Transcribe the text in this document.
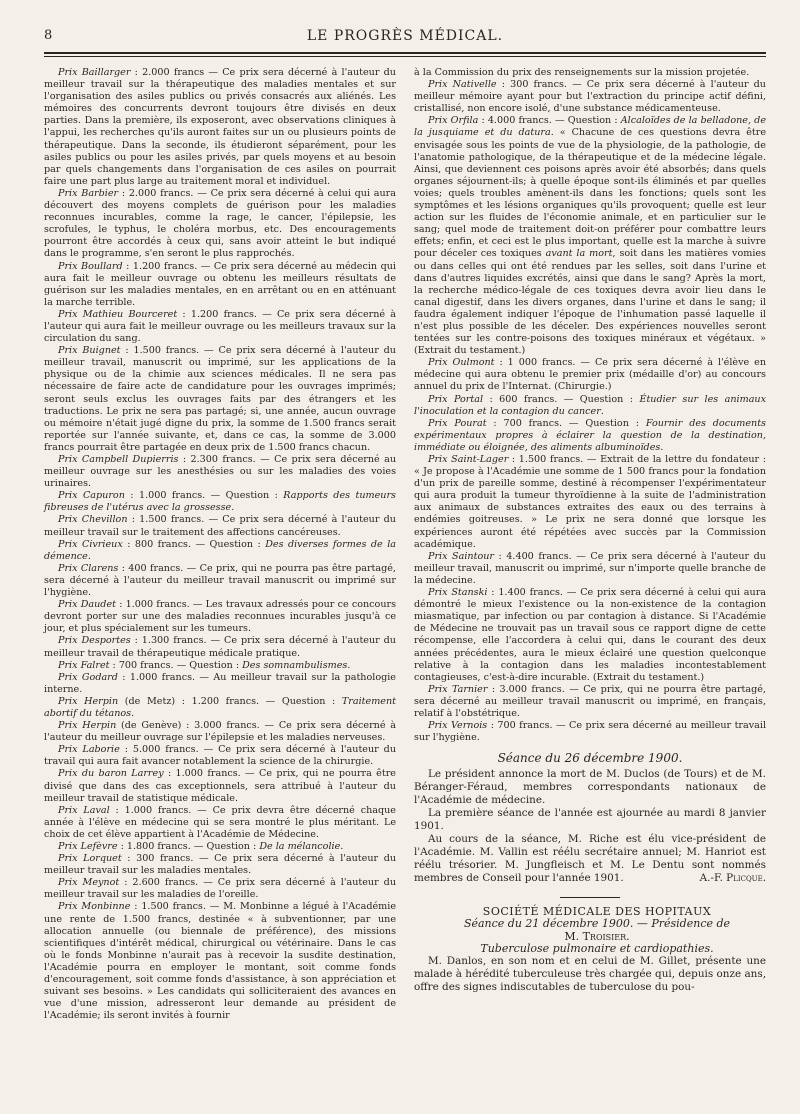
8	LE PROGRÈS MÉDICAL.

Prix Baillarger : 2.000 francs — Ce prix sera décerné à l'auteur du meilleur travail sur la thérapeutique des maladies mentales et sur l'organisation des asiles publics ou privés consacrés aux aliénés. Les mémoires des concurrents devront toujours être divisés en deux parties. Dans la première, ils exposeront, avec observations cliniques à l'appui, les recherches qu'ils auront faites sur un ou plusieurs points de thérapeutique. Dans la seconde, ils étudieront séparément, pour les asiles publics ou pour les asiles privés, par quels moyens et au besoin par quels changements dans l'organisation de ces asiles on pourrait faire une part plus large au traitement moral et individuel.

Prix Barbier : 2.000 francs. — Ce prix sera décerné à celui qui aura découvert des moyens complets de guérison pour les maladies reconnues incurables, comme la rage, le cancer, l'épilepsie, les scrofules, le typhus, le choléra morbus, etc. Des encouragements pourront être accordés à ceux qui, sans avoir atteint le but indiqué dans le programme, s'en seront le plus rapprochés.

Prix Boullard : 1.200 francs. — Ce prix sera décerné au médecin qui aura fait le meilleur ouvrage ou obtenu les meilleurs résultats de guérison sur les maladies mentales, en en arrêtant ou en en atténuant la marche terrible.

Prix Mathieu Bourceret : 1.200 francs. — Ce prix sera décerné à l'auteur qui aura fait le meilleur ouvrage ou les meilleurs travaux sur la circulation du sang.

Prix Buignet : 1.500 francs. — Ce prix sera décerné à l'auteur du meilleur travail, manuscrit ou imprimé, sur les applications de la physique ou de la chimie aux sciences médicales. Il ne sera pas nécessaire de faire acte de candidature pour les ouvrages imprimés; seront seuls exclus les ouvrages faits par des étrangers et les traductions. Le prix ne sera pas partagé; si, une année, aucun ouvrage ou mémoire n'était jugé digne du prix, la somme de 1.500 francs serait reportée sur l'année suivante, et, dans ce cas, la somme de 3.000 francs pourrait être partagée en deux prix de 1.500 francs chacun.

Prix Campbell Dupierris : 2.300 francs. — Ce prix sera décerné au meilleur ouvrage sur les anesthésies ou sur les maladies des voies urinaires.

Prix Capuron : 1.000 francs. — Question : Rapports des tumeurs fibreuses de l'utérus avec la grossesse.

Prix Chevillon : 1.500 francs. — Ce prix sera décerné à l'auteur du meilleur travail sur le traitement des affections cancéreuses.

Prix Civrieux : 800 francs. — Question : Des diverses formes de la démence.

Prix Clarens : 400 francs. — Ce prix, qui ne pourra pas être partagé, sera décerné à l'auteur du meilleur travail manuscrit ou imprimé sur l'hygiène.

Prix Daudet : 1.000 francs. — Les travaux adressés pour ce concours devront porter sur une des maladies reconnues incurables jusqu'à ce jour, et plus spécialement sur les tumeurs.

Prix Desportes : 1.300 francs. — Ce prix sera décerné à l'auteur du meilleur travail de thérapeutique médicale pratique.

Prix Falret : 700 francs. — Question : Des somnambulismes.

Prix Godard : 1.000 francs. — Au meilleur travail sur la pathologie interne.

Prix Herpin (de Metz) : 1.200 francs. — Question : Traitement abortif du tétanos.

Prix Herpin (de Genève) : 3.000 francs. — Ce prix sera décerné à l'auteur du meilleur ouvrage sur l'épilepsie et les maladies nerveuses.

Prix Laborie : 5.000 francs. — Ce prix sera décerné à l'auteur du travail qui aura fait avancer notablement la science de la chirurgie.

Prix du baron Larrey : 1.000 francs. — Ce prix, qui ne pourra être divisé que dans des cas exceptionnels, sera attribué à l'auteur du meilleur travail de statistique médicale.

Prix Laval : 1.000 francs. — Ce prix devra être décerné chaque année à l'élève en médecine qui se sera montré le plus méritant. Le choix de cet élève appartient à l'Académie de Médecine.

Prix Lefèvre : 1.800 francs. — Question : De la mélancolie.

Prix Lorquet : 300 francs. — Ce prix sera décerné à l'auteur du meilleur travail sur les maladies mentales.

Prix Meynot : 2.600 francs. — Ce prix sera décerné à l'auteur du meilleur travail sur les maladies de l'oreille.

Prix Monbinne : 1.500 francs. — M. Monbinne a légué à l'Académie une rente de 1.500 francs, destinée « à subventionner, par une allocation annuelle (ou biennale de préférence), des missions scientifiques d'intérêt médical, chirurgical ou vétérinaire. Dans le cas où le fonds Monbinne n'aurait pas à recevoir la susdite destination, l'Académie pourra en employer le montant, soit comme fonds d'encouragement, soit comme fonds d'assistance, à son appréciation et suivant ses besoins. » Les candidats qui solliciteraient des avances en vue d'une mission, adresseront leur demande au président de l'Académie; ils seront invités à fournir

à la Commission du prix des renseignements sur la mission projetée.

Prix Nativelle : 300 francs. — Ce prix sera décerné à l'auteur du meilleur mémoire ayant pour but l'extraction du principe actif défini, cristallisé, non encore isolé, d'une substance médicamenteuse.

Prix Orfila : 4.000 francs. — Question : Alcaloïdes de la belladone, de la jusquiame et du datura. « Chacune de ces questions devra être envisagée sous les points de vue de la physiologie, de la pathologie, de l'anatomie pathologique, de la thérapeutique et de la médecine légale. Ainsi, que deviennent ces poisons après avoir été absorbés; dans quels organes séjournent-ils; à quelle époque sont-ils éliminés et par quelles voies; quels troubles amènent-ils dans les fonctions; quels sont les symptômes et les lésions organiques qu'ils provoquent; quelle est leur action sur les fluides de l'économie animale, et en particulier sur le sang; quel mode de traitement doit-on préférer pour combattre leurs effets; enfin, et ceci est le plus important, quelle est la marche à suivre pour déceler ces toxiques avant la mort, soit dans les matières vomies ou dans celles qui ont été rendues par les selles, soit dans l'urine et dans d'autres liquides excrétés, ainsi que dans le sang? Après la mort, la recherche médico-légale de ces toxiques devra avoir lieu dans le canal digestif, dans les divers organes, dans l'urine et dans le sang; il faudra également indiquer l'époque de l'inhumation passé laquelle il n'est plus possible de les déceler. Des expériences nouvelles seront tentées sur les contre-poisons des toxiques minéraux et végétaux. » (Extrait du testament.)

Prix Oulmont : 1 000 francs. — Ce prix sera décerné à l'élève en médecine qui aura obtenu le premier prix (médaille d'or) au concours annuel du prix de l'Internat. (Chirurgie.)

Prix Portal : 600 francs. — Question : Étudier sur les animaux l'inoculation et la contagion du cancer.

Prix Pourat : 700 francs. — Question : Fournir des documents expérimentaux propres à éclairer la question de la destination, immédiate ou éloignée, des aliments albuminoïdes.

Prix Saint-Lager : 1.500 francs. — Extrait de la lettre du fondateur : « Je propose à l'Académie une somme de 1 500 francs pour la fondation d'un prix de pareille somme, destiné à récompenser l'expérimentateur qui aura produit la tumeur thyroïdienne à la suite de l'administration aux animaux de substances extraites des eaux ou des terrains à endémies goitreuses. » Le prix ne sera donné que lorsque les expériences auront été répétées avec succès par la Commission académique.

Prix Saintour : 4.400 francs. — Ce prix sera décerné à l'auteur du meilleur travail, manuscrit ou imprimé, sur n'importe quelle branche de la médecine.

Prix Stanski : 1.400 francs. — Ce prix sera décerné à celui qui aura démontré le mieux l'existence ou la non-existence de la contagion miasmatique, par infection ou par contagion à distance. Si l'Académie de Médecine ne trouvait pas un travail sous ce rapport digne de cette récompense, elle l'accordera à celui qui, dans le courant des deux années précédentes, aura le mieux éclairé une question quelconque relative à la contagion dans les maladies incontestablement contagieuses, c'est-à-dire incurable. (Extrait du testament.)

Prix Tarnier : 3.000 francs. — Ce prix, qui ne pourra être partagé, sera décerné au meilleur travail manuscrit ou imprimé, en français, relatif à l'obstétrique.

Prix Vernois : 700 francs. — Ce prix sera décerné au meilleur travail sur l'hygiène.

Séance du 26 décembre 1900.

Le président annonce la mort de M. Duclos (de Tours) et de M. Béranger-Féraud, membres correspondants nationaux de l'Académie de médecine.

La première séance de l'année est ajournée au mardi 8 janvier 1901.

Au cours de la séance, M. Riche est élu vice-président de l'Académie. M. Vallin est réélu secrétaire annuel; M. Hanriot est réélu trésorier. M. Jungfleisch et M. Le Dentu sont nommés membres de Conseil pour l'année 1901.	A.-F. Plicque.

SOCIÉTÉ MÉDICALE DES HOPITAUX

Séance du 21 décembre 1900. — Présidence de

M. Troisier.

Tuberculose pulmonaire et cardiopathies.

M. Danlos, en son nom et en celui de M. Gillet, présente une malade à hérédité tuberculeuse très chargée qui, depuis onze ans, offre des signes indiscutables de tuberculose du pou-
